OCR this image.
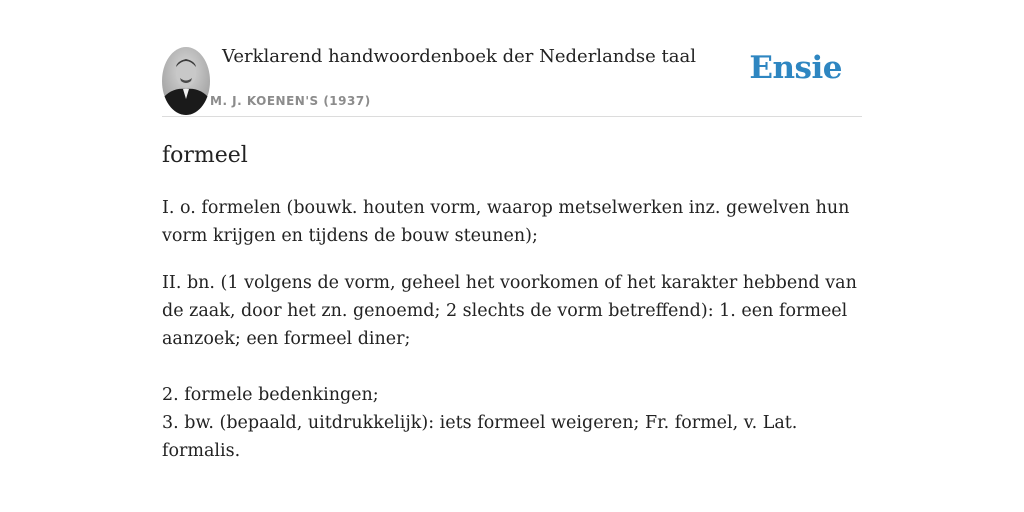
Verklarend handwoordenboek der Nederlandse taal
M. J. KOENEN'S (1937)
Ensie
formeel

I. o. formelen (bouwk. houten vorm, waarop metselwerken inz. gewelven hun vorm krijgen en tijdens de bouw steunen);

II. bn. (1 volgens de vorm, geheel het voorkomen of het karakter hebbend van de zaak, door het zn. genoemd; 2 slechts de vorm betreffend): 1. een formeel aanzoek; een formeel diner;

2. formele bedenkingen;
3. bw. (bepaald, uitdrukkelijk): iets formeel weigeren; Fr. formel, v. Lat. formalis.
